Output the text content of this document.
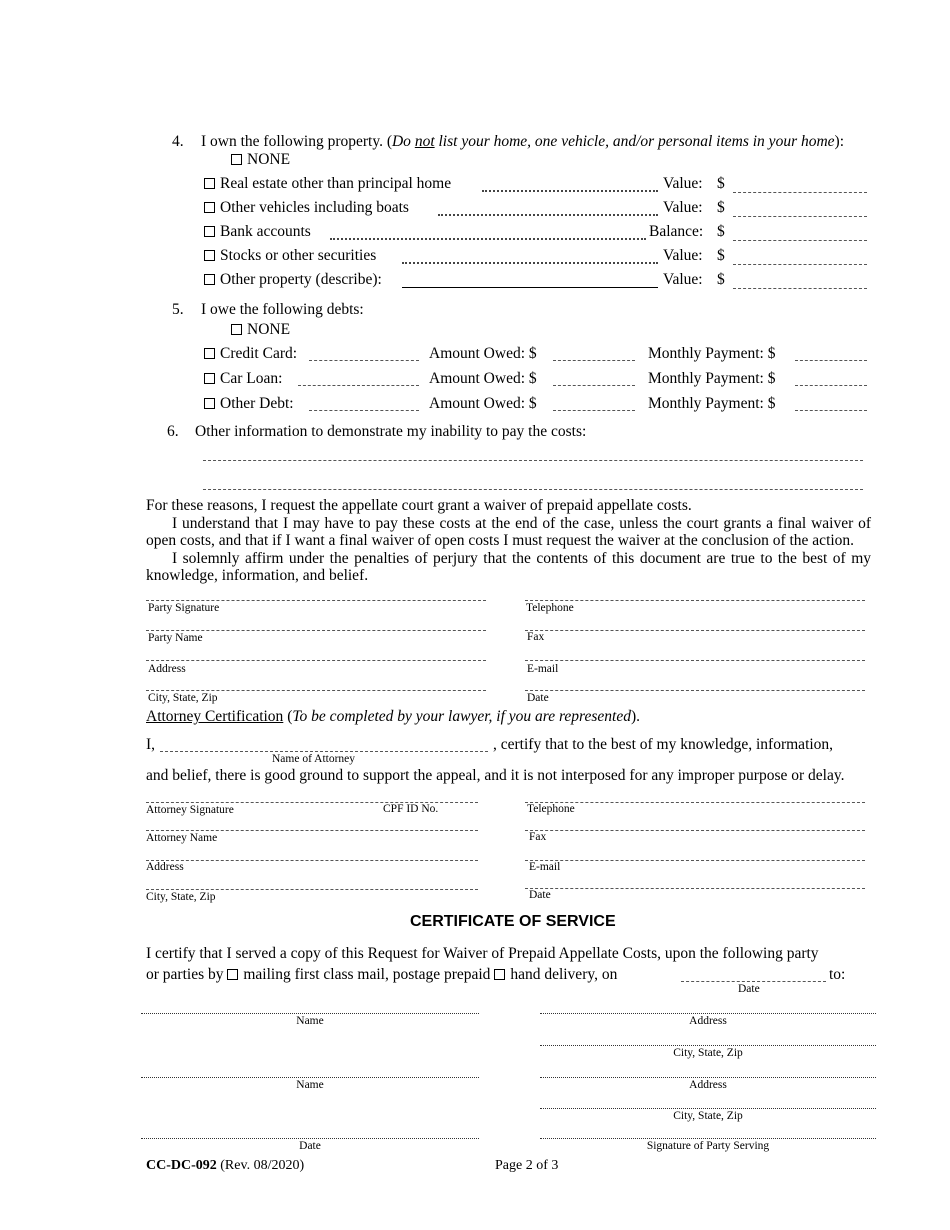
4. I own the following property. (Do not list your home, one vehicle, and/or personal items in your home):
NONE
Real estate other than principal home	Value: $
Other vehicles including boats	Value: $
Bank accounts	Balance: $
Stocks or other securities	Value: $
Other property (describe):	Value: $
5. I owe the following debts:
NONE
Credit Card:	Amount Owed: $	Monthly Payment: $
Car Loan:	Amount Owed: $	Monthly Payment: $
Other Debt:	Amount Owed: $	Monthly Payment: $
6. Other information to demonstrate my inability to pay the costs:
For these reasons, I request the appellate court grant a waiver of prepaid appellate costs.
I understand that I may have to pay these costs at the end of the case, unless the court grants a final waiver of open costs, and that if I want a final waiver of open costs I must request the waiver at the conclusion of the action.
I solemnly affirm under the penalties of perjury that the contents of this document are true to the best of my knowledge, information, and belief.
Party Signature	Telephone
Party Name	Fax
Address	E-mail
City, State, Zip	Date
Attorney Certification (To be completed by your lawyer, if you are represented).
I,	, certify that to the best of my knowledge, information,
Name of Attorney
and belief, there is good ground to support the appeal, and it is not interposed for any improper purpose or delay.
Attorney Signature	CPF ID No.	Telephone
Attorney Name	Fax
Address	E-mail
City, State, Zip	Date
CERTIFICATE OF SERVICE
I certify that I served a copy of this Request for Waiver of Prepaid Appellate Costs, upon the following party
or parties by mailing first class mail, postage prepaid hand delivery, on	to:
Date
Name	Address
City, State, Zip
Name	Address
City, State, Zip
Date	Signature of Party Serving
CC-DC-092 (Rev. 08/2020)	Page 2 of 3
